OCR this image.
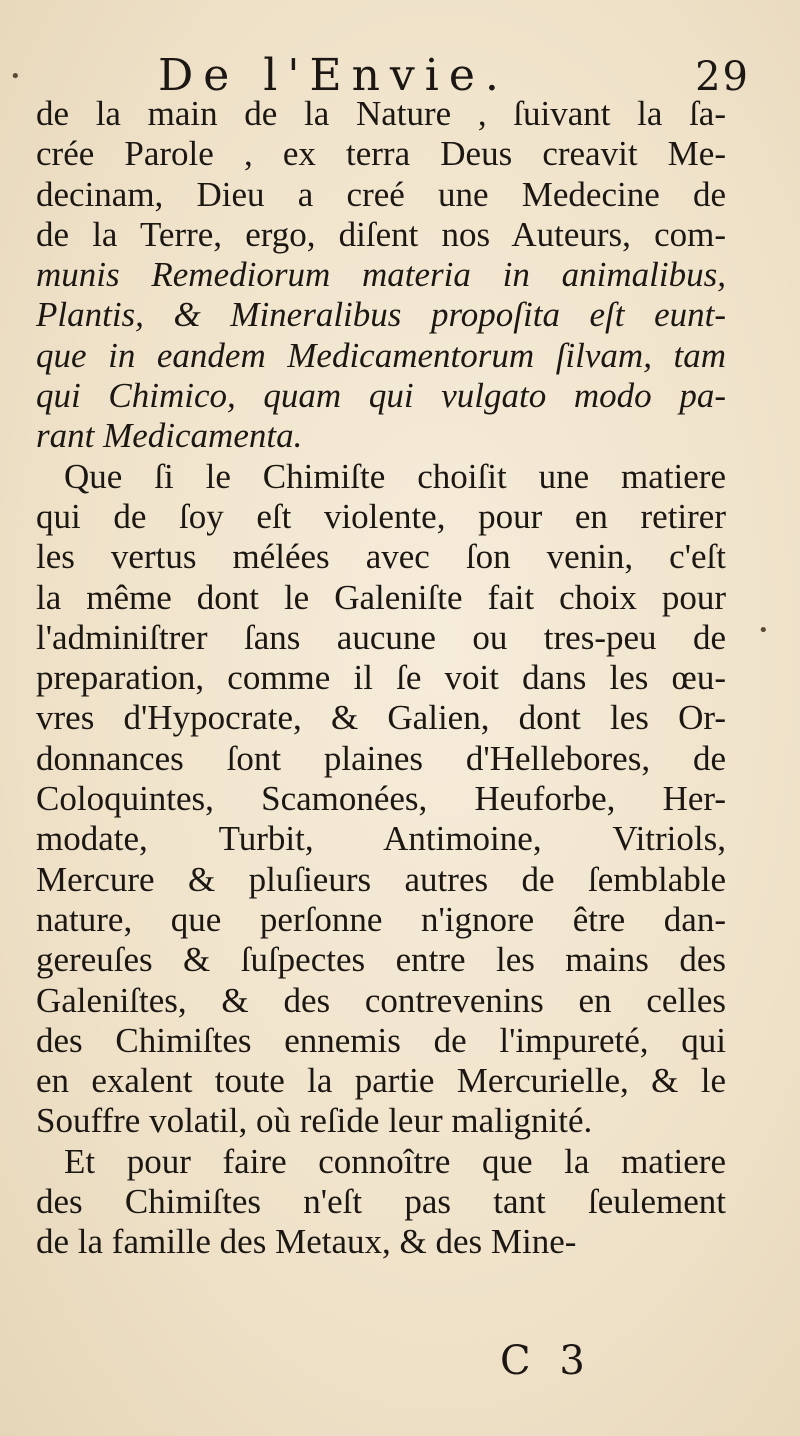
De l'Envie.	29
de la main de la Nature , ſuivant la ſa-
crée Parole , ex terra Deus creavit Me-
decinam, Dieu a creé une Medecine de
de la Terre, ergo, diſent nos Auteurs, com-
munis Remediorum materia in animalibus,
Plantis, & Mineralibus propoſita eſt eunt-
que in eandem Medicamentorum ſilvam, tam
qui Chimico, quam qui vulgato modo pa-
rant Medicamenta.
Que ſi le Chimiſte choiſit une matiere
qui de ſoy eſt violente, pour en retirer
les vertus mélées avec ſon venin, c'eſt
la même dont le Galeniſte fait choix pour
l'adminiſtrer ſans aucune ou tres-peu de
preparation, comme il ſe voit dans les œu-
vres d'Hypocrate, & Galien, dont les Or-
donnances ſont plaines d'Hellebores, de
Coloquintes, Scamonées, Heuforbe, Her-
modate, Turbit, Antimoine, Vitriols,
Mercure & pluſieurs autres de ſemblable
nature, que perſonne n'ignore être dan-
gereuſes & ſuſpectes entre les mains des
Galeniſtes, & des contrevenins en celles
des Chimiſtes ennemis de l'impureté, qui
en exalent toute la partie Mercurielle, & le
Souffre volatil, où reſide leur malignité.
Et pour faire connoître que la matiere
des Chimiſtes n'eſt pas tant ſeulement
de la famille des Metaux, & des Mine-
C 3
•
•
